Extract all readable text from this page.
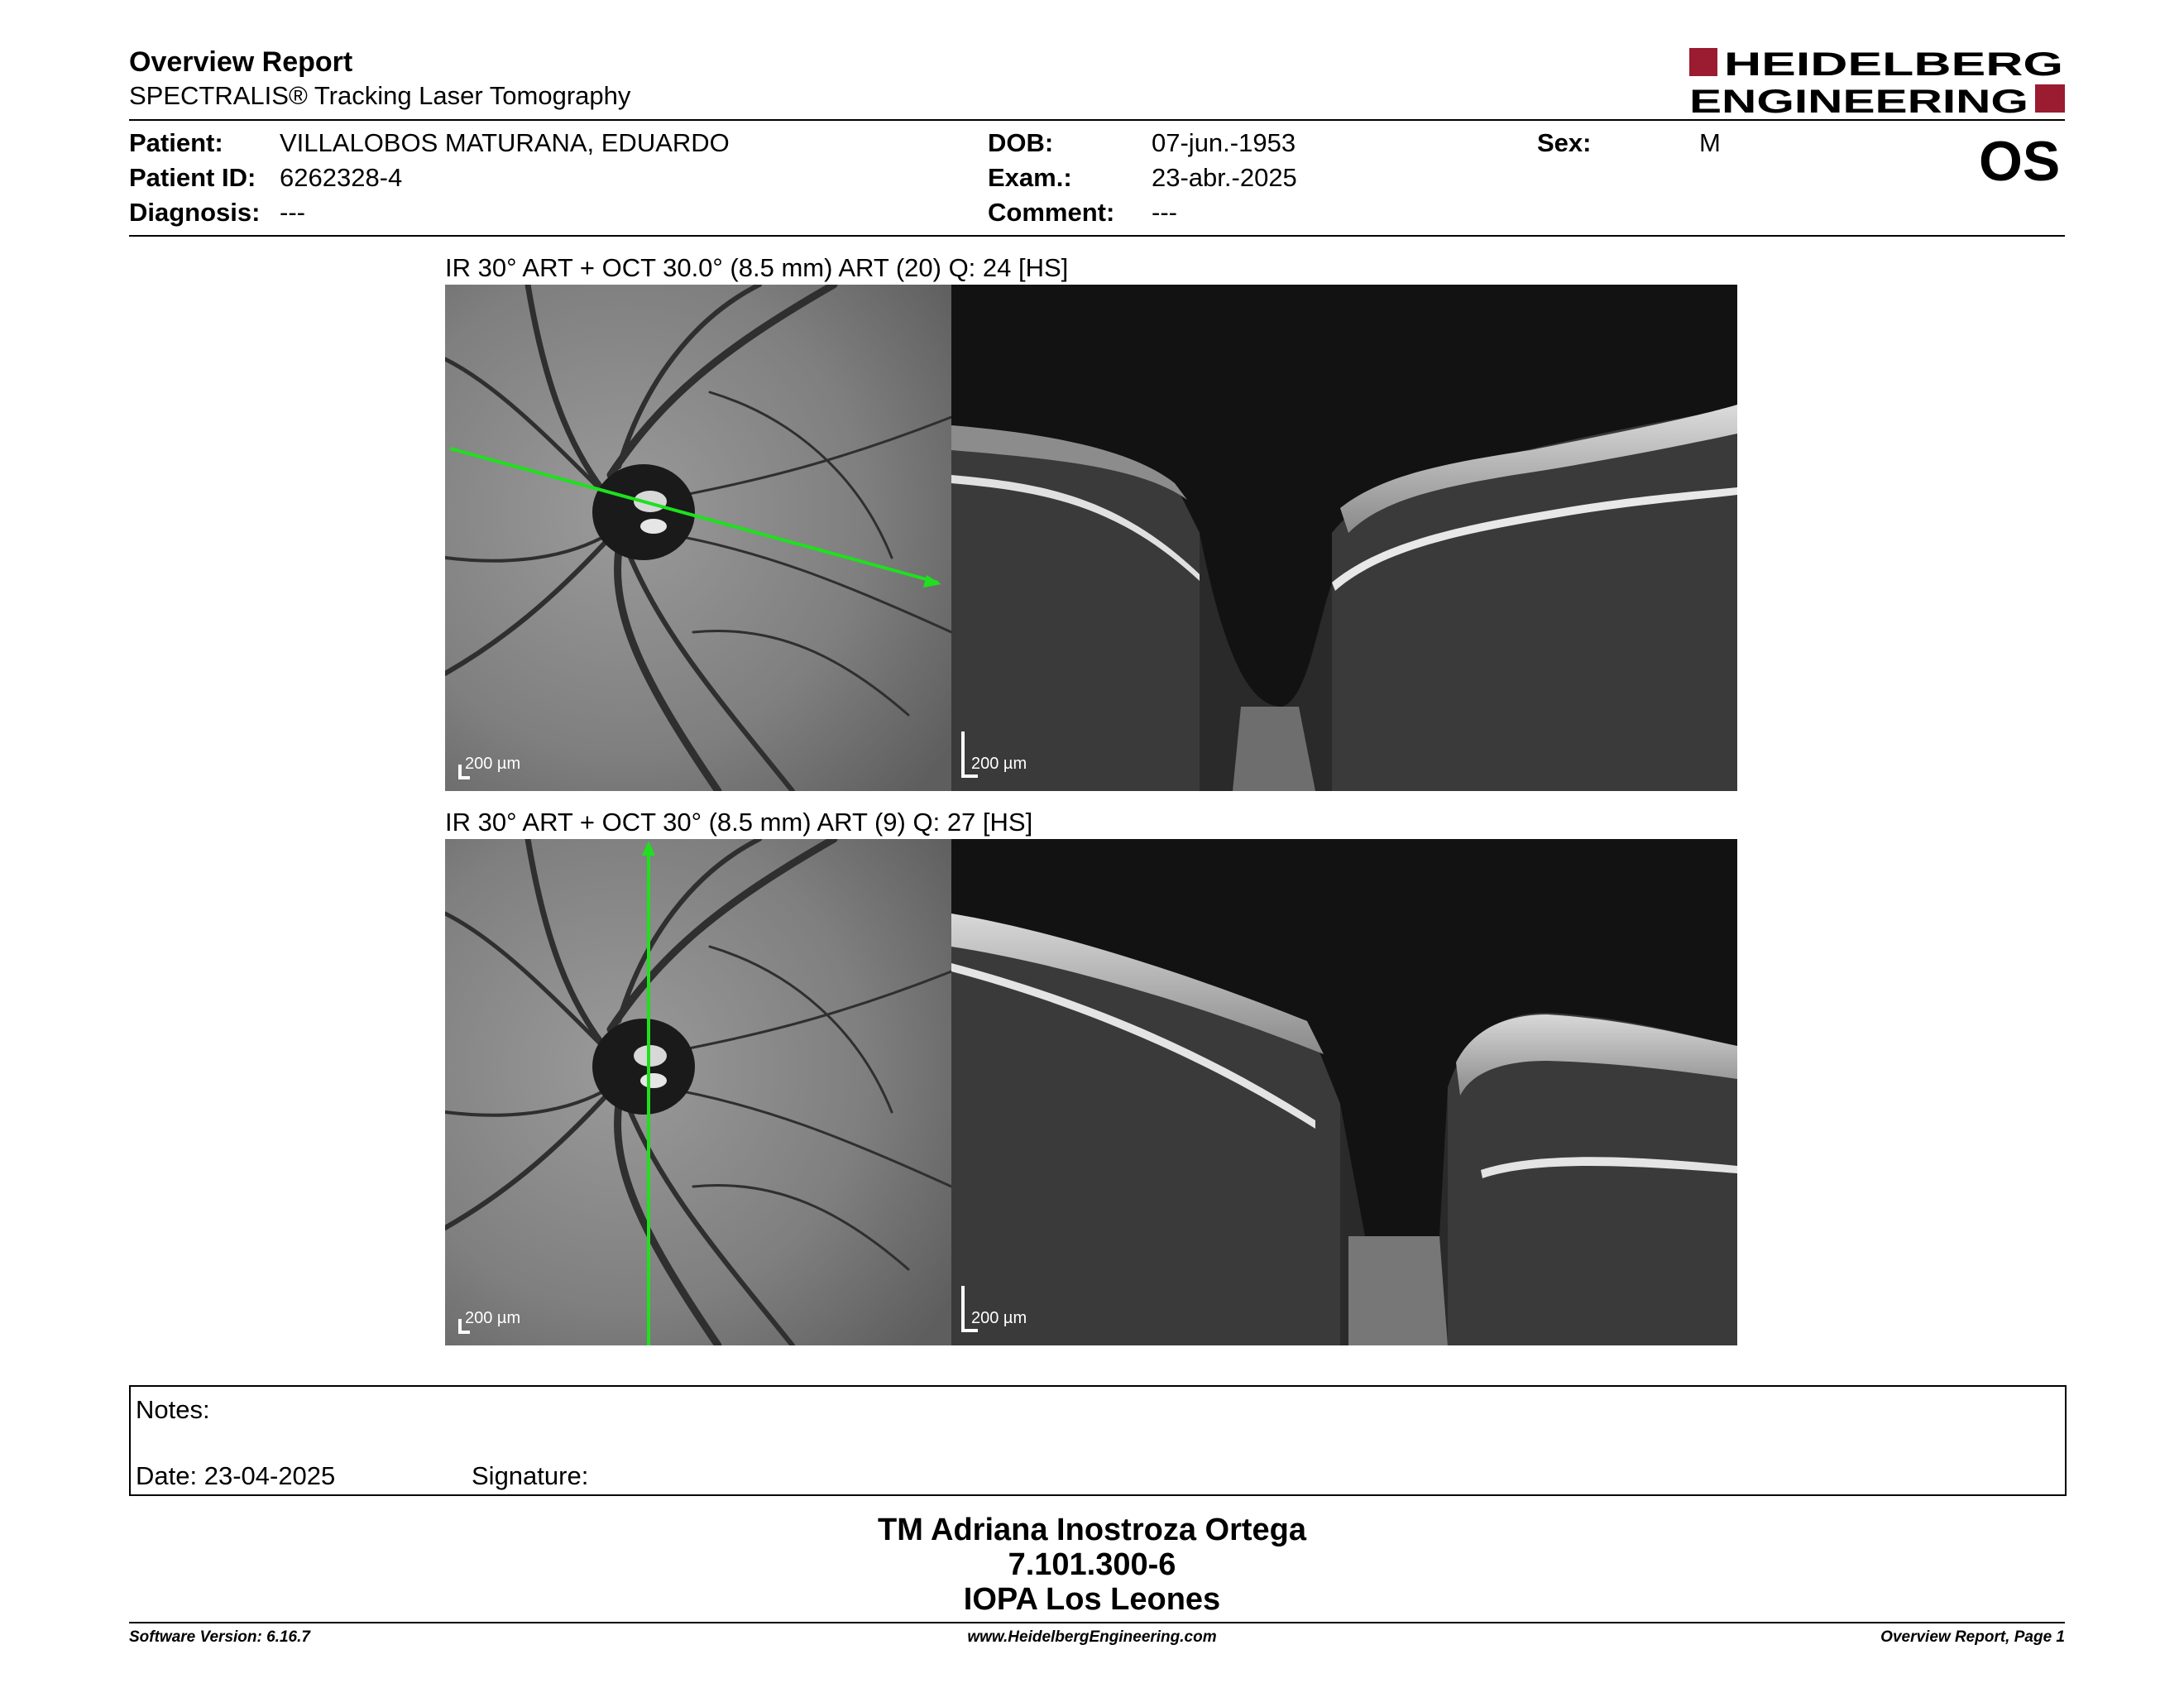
Overview Report
SPECTRALIS® Tracking Laser Tomography
HEIDELBERG
ENGINEERING
Patient: VILLALOBOS MATURANA, EDUARDO
Patient ID: 6262328-4
Diagnosis: ---
DOB:	07-jun.-1953
Exam.:	23-abr.-2025
Comment: ---
Sex:	M	OS
IR 30° ART + OCT 30.0° (8.5 mm) ART (20) Q: 24 [HS]
200 µm	200 µm
IR 30° ART + OCT 30° (8.5 mm) ART (9) Q: 27 [HS]
200 µm	200 µm
Notes:
Date: 23-04-2025	Signature:
TM Adriana Inostroza Ortega
7.101.300-6
IOPA Los Leones
Software Version: 6.16.7	www.HeidelbergEngineering.com	Overview Report, Page 1
